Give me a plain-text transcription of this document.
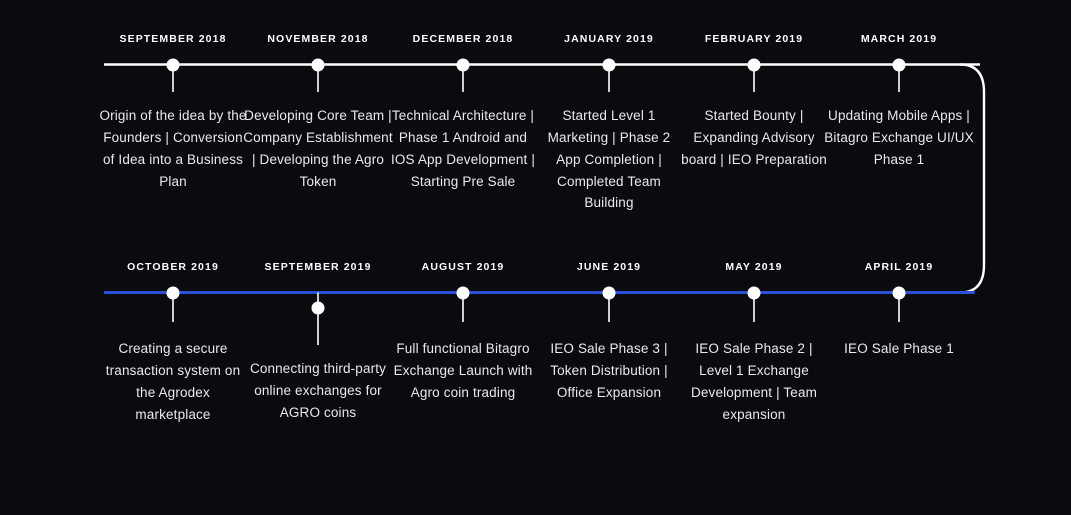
SEPTEMBER 2018
Origin of the idea by the Founders | Conversion of Idea into a Business Plan
NOVEMBER 2018
Developing Core Team | Company Establishment | Developing the Agro Token
DECEMBER 2018
Technical Architecture | Phase 1 Android and IOS App Development | Starting Pre Sale
JANUARY 2019
Started Level 1 Marketing | Phase 2 App Completion | Completed Team Building
FEBRUARY 2019
Started Bounty | Expanding Advisory board | IEO Preparation
MARCH 2019
Updating Mobile Apps | Bitagro Exchange UI/UX Phase 1
OCTOBER 2019
Creating a secure transaction system on the Agrodex marketplace
SEPTEMBER 2019
Connecting third-party online exchanges for AGRO coins
AUGUST 2019
Full functional Bitagro Exchange Launch with Agro coin trading
JUNE 2019
IEO Sale Phase 3 | Token Distribution | Office Expansion
MAY 2019
IEO Sale Phase 2 | Level 1 Exchange Development | Team expansion
APRIL 2019
IEO Sale Phase 1
